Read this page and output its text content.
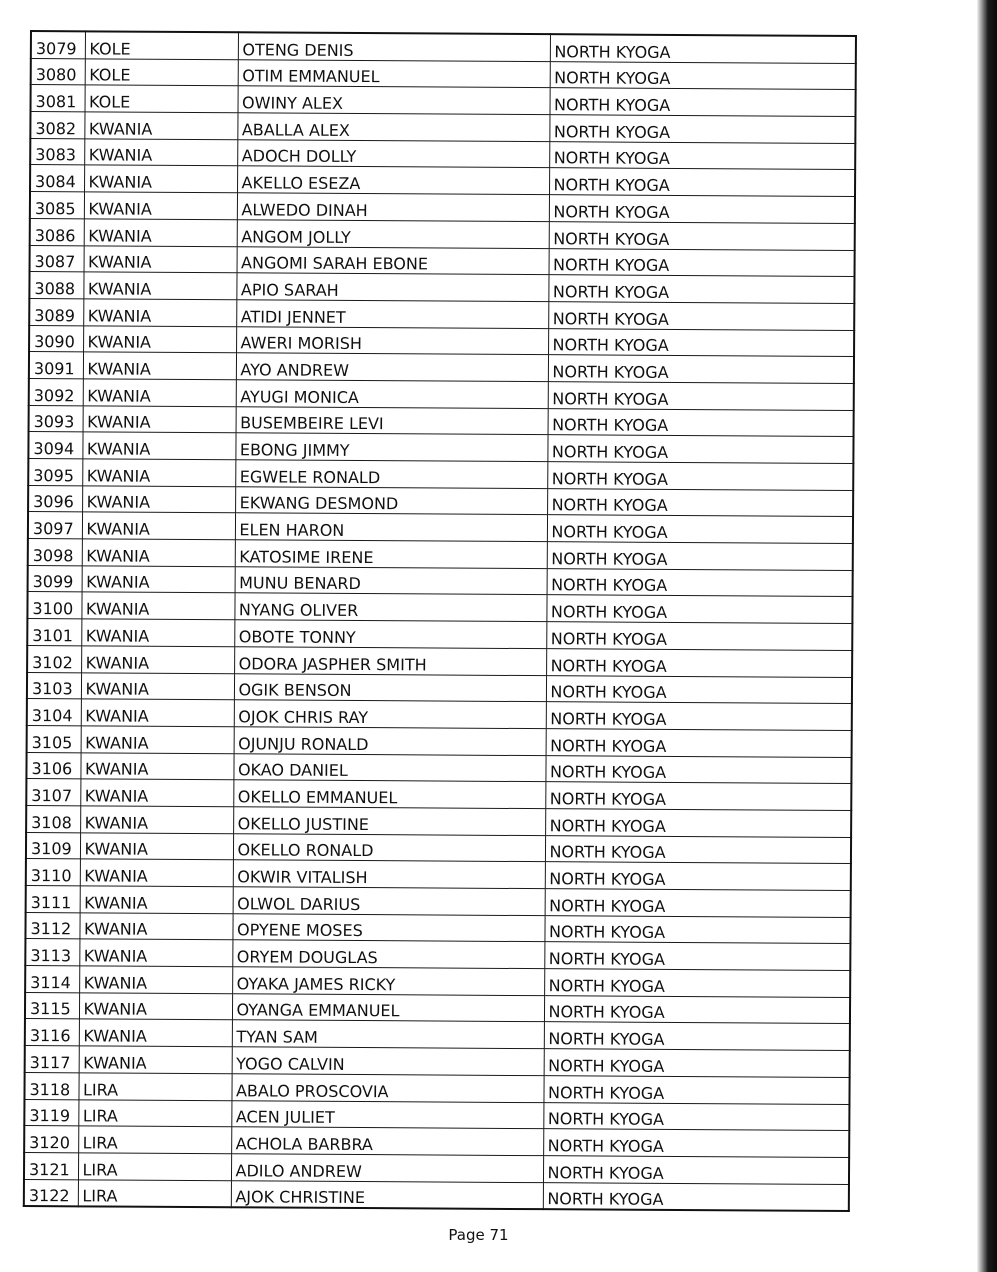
3079	KOLE	OTENG DENIS	NORTH KYOGA
3080	KOLE	OTIM EMMANUEL	NORTH KYOGA
3081	KOLE	OWINY ALEX	NORTH KYOGA
3082	KWANIA	ABALLA ALEX	NORTH KYOGA
3083	KWANIA	ADOCH DOLLY	NORTH KYOGA
3084	KWANIA	AKELLO ESEZA	NORTH KYOGA
3085	KWANIA	ALWEDO DINAH	NORTH KYOGA
3086	KWANIA	ANGOM JOLLY	NORTH KYOGA
3087	KWANIA	ANGOMI SARAH EBONE	NORTH KYOGA
3088	KWANIA	APIO SARAH	NORTH KYOGA
3089	KWANIA	ATIDI JENNET	NORTH KYOGA
3090	KWANIA	AWERI MORISH	NORTH KYOGA
3091	KWANIA	AYO ANDREW	NORTH KYOGA
3092	KWANIA	AYUGI MONICA	NORTH KYOGA
3093	KWANIA	BUSEMBEIRE LEVI	NORTH KYOGA
3094	KWANIA	EBONG JIMMY	NORTH KYOGA
3095	KWANIA	EGWELE RONALD	NORTH KYOGA
3096	KWANIA	EKWANG DESMOND	NORTH KYOGA
3097	KWANIA	ELEN HARON	NORTH KYOGA
3098	KWANIA	KATOSIME IRENE	NORTH KYOGA
3099	KWANIA	MUNU BENARD	NORTH KYOGA
3100	KWANIA	NYANG OLIVER	NORTH KYOGA
3101	KWANIA	OBOTE TONNY	NORTH KYOGA
3102	KWANIA	ODORA JASPHER SMITH	NORTH KYOGA
3103	KWANIA	OGIK BENSON	NORTH KYOGA
3104	KWANIA	OJOK CHRIS RAY	NORTH KYOGA
3105	KWANIA	OJUNJU RONALD	NORTH KYOGA
3106	KWANIA	OKAO DANIEL	NORTH KYOGA
3107	KWANIA	OKELLO EMMANUEL	NORTH KYOGA
3108	KWANIA	OKELLO JUSTINE	NORTH KYOGA
3109	KWANIA	OKELLO RONALD	NORTH KYOGA
3110	KWANIA	OKWIR VITALISH	NORTH KYOGA
3111	KWANIA	OLWOL DARIUS	NORTH KYOGA
3112	KWANIA	OPYENE MOSES	NORTH KYOGA
3113	KWANIA	ORYEM DOUGLAS	NORTH KYOGA
3114	KWANIA	OYAKA JAMES RICKY	NORTH KYOGA
3115	KWANIA	OYANGA EMMANUEL	NORTH KYOGA
3116	KWANIA	TYAN SAM	NORTH KYOGA
3117	KWANIA	YOGO CALVIN	NORTH KYOGA
3118	LIRA	ABALO PROSCOVIA	NORTH KYOGA
3119	LIRA	ACEN JULIET	NORTH KYOGA
3120	LIRA	ACHOLA BARBRA	NORTH KYOGA
3121	LIRA	ADILO ANDREW	NORTH KYOGA
3122	LIRA	AJOK CHRISTINE	NORTH KYOGA
Page 71
